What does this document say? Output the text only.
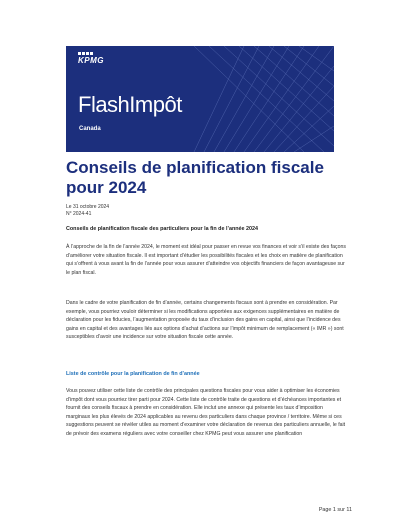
KPMG
FlashImpôt
Canada
Conseils de planification fiscale pour 2024
Le 31 octobre 2024
N° 2024-41
Conseils de planification fiscale des particuliers pour la fin de l’année 2024

À l’approche de la fin de l’année 2024, le moment est idéal pour passer en revue vos finances et voir s’il existe des façons d’améliorer votre situation fiscale. Il est important d’étudier les possibilités fiscales et les choix en matière de planification qui s’offrent à vous avant la fin de l’année pour vous assurer d’atteindre vos objectifs financiers de façon avantageuse sur le plan fiscal.

Dans le cadre de votre planification de fin d’année, certains changements fiscaux sont à prendre en considération. Par exemple, vous pourriez vouloir déterminer si les modifications apportées aux exigences supplémentaires en matière de déclaration pour les fiducies, l’augmentation proposée du taux d’inclusion des gains en capital, ainsi que l’incidence des gains en capital et des avantages liés aux options d’achat d’actions sur l’impôt minimum de remplacement (« IMR ») sont susceptibles d’avoir une incidence sur votre situation fiscale cette année.

Liste de contrôle pour la planification de fin d’année

Vous pouvez utiliser cette liste de contrôle des principales questions fiscales pour vous aider à optimiser les économies d’impôt dont vous pourriez tirer parti pour 2024. Cette liste de contrôle traite de questions et d’échéances importantes et fournit des conseils fiscaux à prendre en considération. Elle inclut une annexe qui présente les taux d’imposition marginaux les plus élevés de 2024 applicables au revenu des particuliers dans chaque province / territoire. Même si ces suggestions peuvent se révéler utiles au moment d’examiner votre déclaration de revenus des particuliers annuelle, le fait de prévoir des examens réguliers avec votre conseiller chez KPMG peut vous assurer une planification

Page 1 sur 11
